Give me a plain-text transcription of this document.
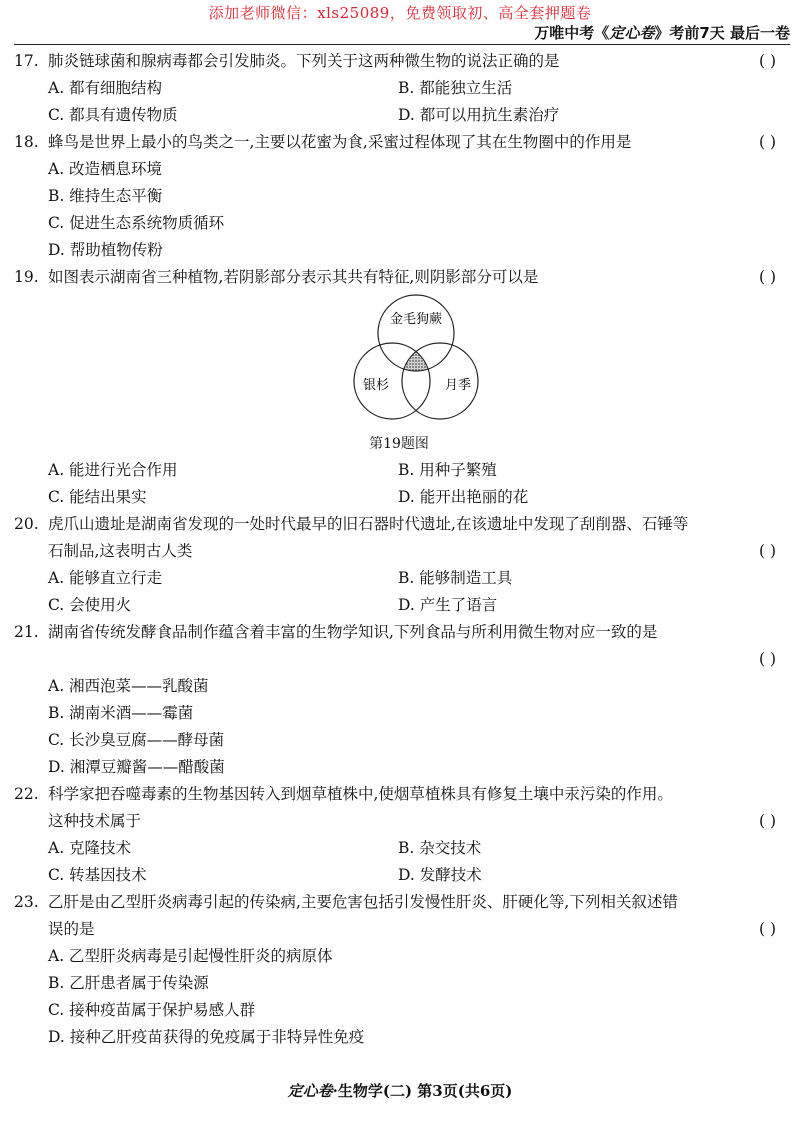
添加老师微信：xls25089，免费领取初、高全套押题卷
万唯中考《定心卷》考前7天 最后一卷
17. 肺炎链球菌和腺病毒都会引发肺炎。下列关于这两种微生物的说法正确的是	( )
A. 都有细胞结构	B. 都能独立生活
C. 都具有遗传物质	D. 都可以用抗生素治疗
18. 蜂鸟是世界上最小的鸟类之一,主要以花蜜为食,采蜜过程体现了其在生物圈中的作用是	( )
A. 改造栖息环境
B. 维持生态平衡
C. 促进生态系统物质循环
D. 帮助植物传粉
19. 如图表示湖南省三种植物,若阴影部分表示其共有特征,则阴影部分可以是	( )
金毛狗蕨
银杉	月季
第19题图
A. 能进行光合作用	B. 用种子繁殖
C. 能结出果实	D. 能开出艳丽的花
20. 虎爪山遗址是湖南省发现的一处时代最早的旧石器时代遗址,在该遗址中发现了刮削器、石锤等
石制品,这表明古人类	( )
A. 能够直立行走	B. 能够制造工具
C. 会使用火	D. 产生了语言
21. 湖南省传统发酵食品制作蕴含着丰富的生物学知识,下列食品与所利用微生物对应一致的是
( )
A. 湘西泡菜——乳酸菌
B. 湖南米酒——霉菌
C. 长沙臭豆腐——酵母菌
D. 湘潭豆瓣酱——醋酸菌
22. 科学家把吞噬毒素的生物基因转入到烟草植株中,使烟草植株具有修复土壤中汞污染的作用。
这种技术属于	( )
A. 克隆技术	B. 杂交技术
C. 转基因技术	D. 发酵技术
23. 乙肝是由乙型肝炎病毒引起的传染病,主要危害包括引发慢性肝炎、肝硬化等,下列相关叙述错
误的是	( )
A. 乙型肝炎病毒是引起慢性肝炎的病原体
B. 乙肝患者属于传染源
C. 接种疫苗属于保护易感人群
D. 接种乙肝疫苗获得的免疫属于非特异性免疫
定心卷·生物学(二) 第3页(共6页)
